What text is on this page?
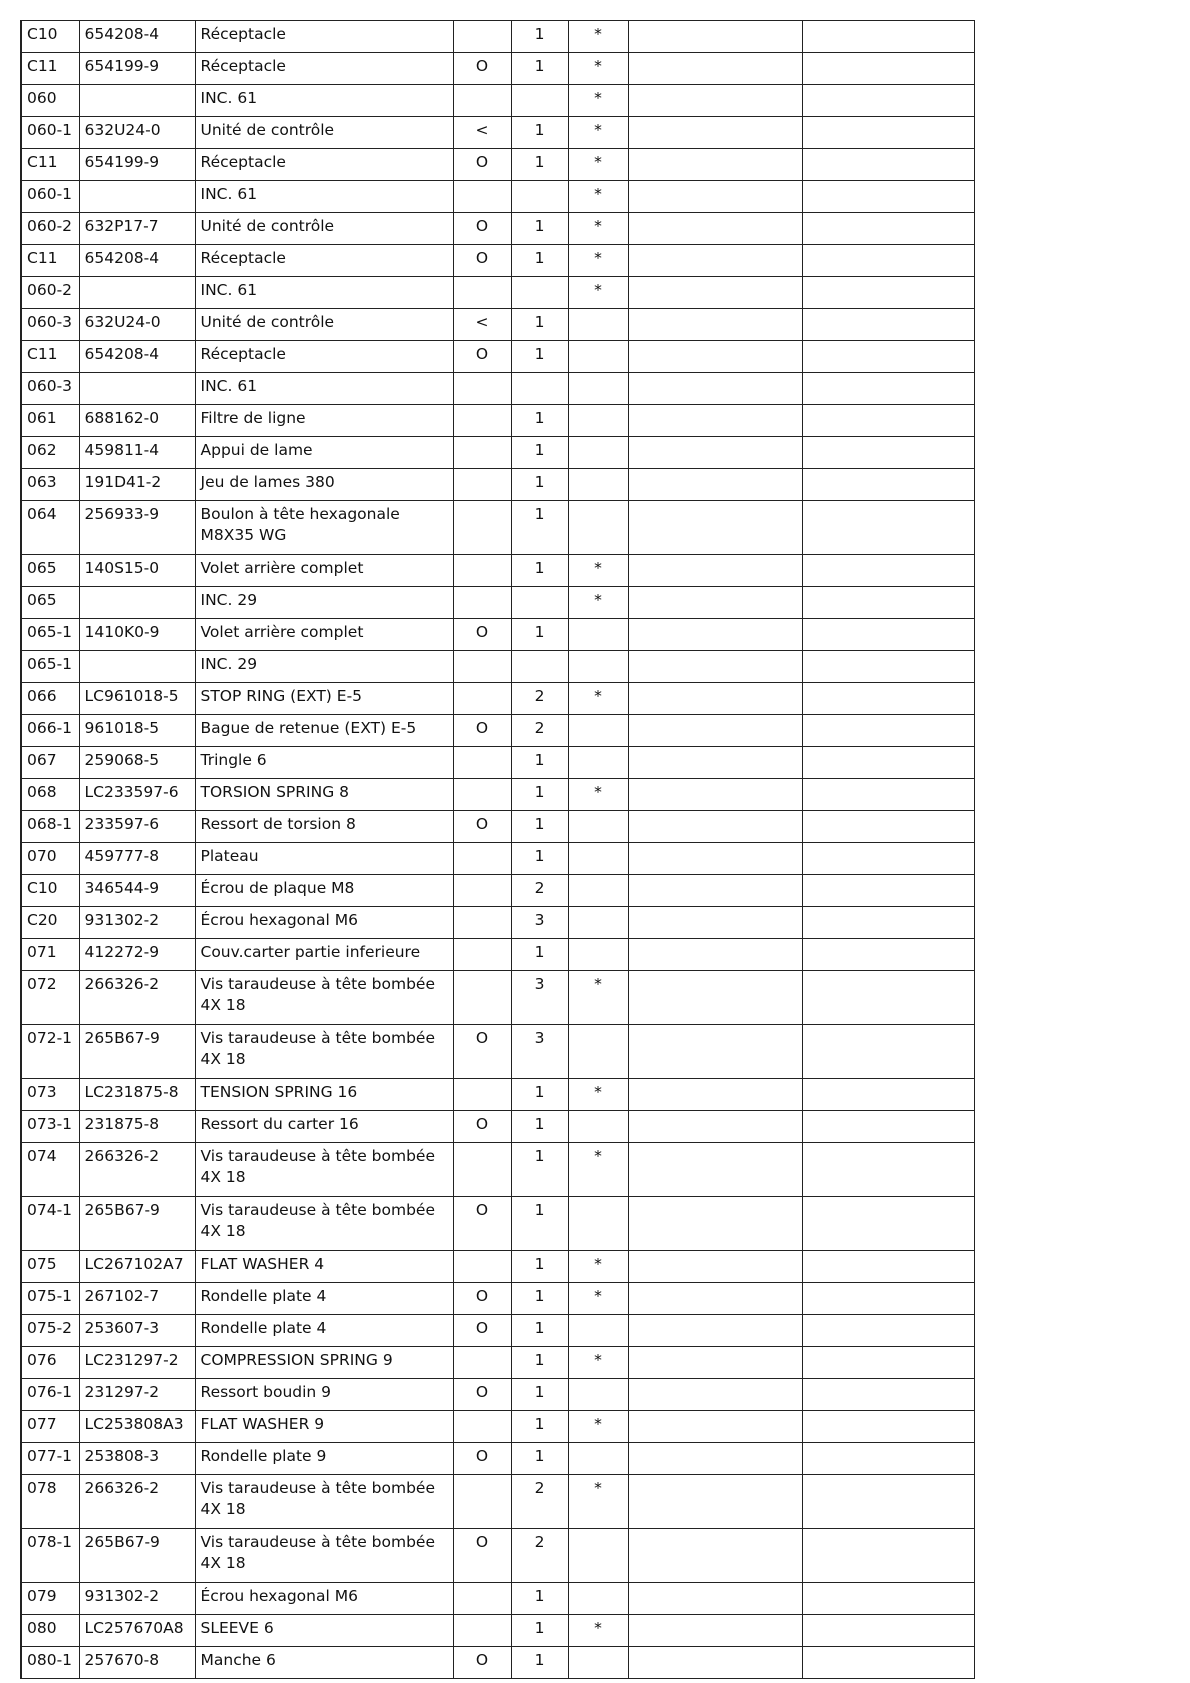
C10	654208-4	Réceptacle		1	*		

C11	654199-9	Réceptacle	O	1	*		

060		INC. 61			*		

060-1	632U24-0	Unité de contrôle	<	1	*		

C11	654199-9	Réceptacle	O	1	*		

060-1		INC. 61			*		

060-2	632P17-7	Unité de contrôle	O	1	*		

C11	654208-4	Réceptacle	O	1	*		

060-2		INC. 61			*		

060-3	632U24-0	Unité de contrôle	<	1			

C11	654208-4	Réceptacle	O	1			

060-3		INC. 61					

061	688162-0	Filtre de ligne		1			

062	459811-4	Appui de lame		1			

063	191D41-2	Jeu de lames 380		1			

064	256933-9	Boulon à tête hexagonale M8X35 WG		1			

065	140S15-0	Volet arrière complet		1	*		

065		INC. 29			*		

065-1	1410K0-9	Volet arrière complet	O	1			

065-1		INC. 29					

066	LC961018-5	STOP RING (EXT) E-5		2	*		

066-1	961018-5	Bague de retenue (EXT) E-5	O	2			

067	259068-5	Tringle 6		1			

068	LC233597-6	TORSION SPRING 8		1	*		

068-1	233597-6	Ressort de torsion 8	O	1			

070	459777-8	Plateau		1			

C10	346544-9	Écrou de plaque M8		2			

C20	931302-2	Écrou hexagonal M6		3			

071	412272-9	Couv.carter partie inferieure		1			

072	266326-2	Vis taraudeuse à tête bombée 4X 18		3	*		

072-1	265B67-9	Vis taraudeuse à tête bombée 4X 18	O	3			

073	LC231875-8	TENSION SPRING 16		1	*		

073-1	231875-8	Ressort du carter 16	O	1			

074	266326-2	Vis taraudeuse à tête bombée 4X 18		1	*		

074-1	265B67-9	Vis taraudeuse à tête bombée 4X 18	O	1			

075	LC267102A7	FLAT WASHER 4		1	*		

075-1	267102-7	Rondelle plate 4	O	1	*		

075-2	253607-3	Rondelle plate 4	O	1			

076	LC231297-2	COMPRESSION SPRING 9		1	*		

076-1	231297-2	Ressort boudin 9	O	1			

077	LC253808A3	FLAT WASHER 9		1	*		

077-1	253808-3	Rondelle plate 9	O	1			

078	266326-2	Vis taraudeuse à tête bombée 4X 18		2	*		

078-1	265B67-9	Vis taraudeuse à tête bombée 4X 18	O	2			

079	931302-2	Écrou hexagonal M6		1			

080	LC257670A8	SLEEVE 6		1	*		

080-1	257670-8	Manche 6	O	1			
